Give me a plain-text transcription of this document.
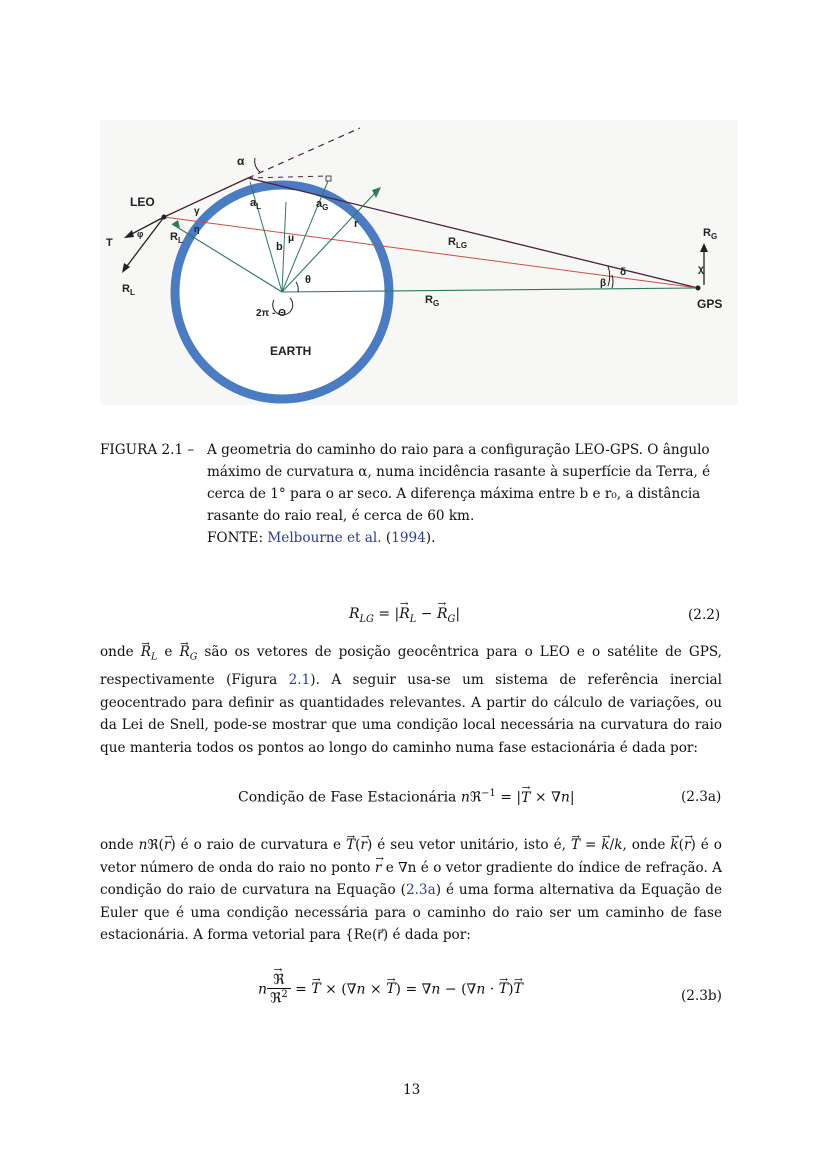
LEO
GPS
EARTH
T
$R_L$
$R_G$
$R_L$
$R_G$
$R_{LG}$
$a_L$	$a_G$
b
r
θ
2π - Θ
α
γ
φ
χ
δ
β
μ
η
FIGURA 2.1 – A geometria do caminho do raio para a configuração LEO-GPS. O ângulo
máximo de curvatura α, numa incidência rasante à superfície da Terra, é
cerca de 1° para o ar seco. A diferença máxima entre b e r₀, a distância
rasante do raio real, é cerca de 60 km.
FONTE: Melbourne et al. (1994).
$R_{LG}$ = |→ $R_L$ − → $R_G|$	(2.2)
onde → $R_L$ $e \to R_G$ são os vetores de posição geocêntrica para o LEO e o satélite de GPS, respectivamente (Figura 2.1). A seguir usa-se um sistema de referência inercial geocentrado para definir as quantidades relevantes. A partir do cálculo de variações, ou da Lei de Snell, pode-se mostrar que uma condição local necessária na curvatura do raio que manteria todos os pontos ao longo do caminho numa fase estacionária é dada por:
Condição de Fase Estacionária nℜ$^{-1}$ = |→ T × ∇n|	(2.3a)
onde nℜ(→ r) é o raio de curvatura e → T(→ r) é seu vetor unitário, isto é, → T = → k/k, onde → k(→ r) é o vetor número de onda do raio no ponto → r e ∇n é o vetor gradiente do índice de refração. A condição do raio de curvatura na Equação (2.3a) é uma forma alternativa da Equação de Euler que é uma condição necessária para o caminho do raio ser um caminho de fase estacionária. A forma vetorial para {Re(r⃗) é dada por:
n
→ $\frac{\text{ℜ}}{ℜ^2}$ = → T × (∇n × → T) = ∇n − (∇n · → T)→ T	(2.3b)
13
